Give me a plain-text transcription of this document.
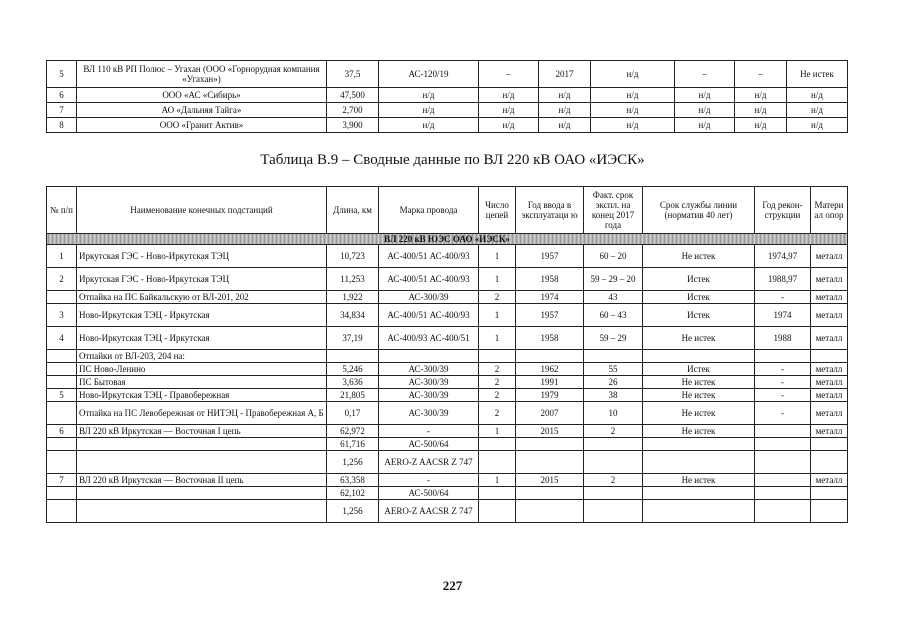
5	ВЛ 110 кВ РП Полюс – Угахан (ООО «Горнорудная компания «Угахан»)	37,5	АС-120/19	–	2017	н/д	–	–	Не истек
6	ООО «АС «Сибирь»	47,500	н/д	н/д	н/д	н/д	н/д	н/д	н/д
7	АО «Дальняя Тайга»	2,700	н/д	н/д	н/д	н/д	н/д	н/д	н/д
8	ООО «Гранит Актив»	3,900	н/д	н/д	н/д	н/д	н/д	н/д	н/д
Таблица В.9 – Сводные данные по ВЛ 220 кВ ОАО «ИЭСК»
№ п/п	Наименование конечных подстанций	Длина, км	Марка провода	Число цепей	Год ввода в эксплуатаци ю	Факт. срок экспл. на конец 2017 года	Срок службы линии (норматив 40 лет)	Год рекон- струкции	Матери ал опор
ВЛ 220 кВ ЮЭС ОАО «ИЭСК»									
1	Иркутская ГЭС - Ново-Иркутская ТЭЦ	10,723	АС-400/51 АС-400/93	1	1957	60 – 20	Не истек	1974,97	металл
2	Иркутская ГЭС - Ново-Иркутская ТЭЦ	11,253	АС-400/51 АС-400/93	1	1958	59 – 29 – 20	Истек	1988,97	металл
	Отпайка на ПС Байкальскую от ВЛ-201, 202	1,922	АС-300/39	2	1974	43	Истек	-	металл
3	Ново-Иркутская ТЭЦ - Иркутская	34,834	АС-400/51 АС-400/93	1	1957	60 – 43	Истек	1974	металл
4	Ново-Иркутская ТЭЦ - Иркутская	37,19	АС-400/93 АС-400/51	1	1958	59 – 29	Не истек	1988	металл
	Отпайки от ВЛ-203, 204 на:								
	ПС Ново-Ленино	5,246	АС-300/39	2	1962	55	Истек	-	металл
	ПС Бытовая	3,636	АС-300/39	2	1991	26	Не истек	-	металл
5	Ново-Иркутская ТЭЦ - Правобережная	21,805	АС-300/39	2	1979	38	Не истек	-	металл
	Отпайка на ПС Левобережная от НИТЭЦ - Правобережная А, Б	0,17	АС-300/39	2	2007	10	Не истек	-	металл
6	ВЛ 220 кВ Иркутская — Восточная I цепь	62,972	-	1	2015	2	Не истек		металл
		61,716	АС-500/64						
		1,256	AERO-Z AACSR Z 747						
7	ВЛ 220 кВ Иркутская — Восточная II цепь	63,358	-	1	2015	2	Не истек		металл
		62,102	АС-500/64						
		1,256	AERO-Z AACSR Z 747						
227
